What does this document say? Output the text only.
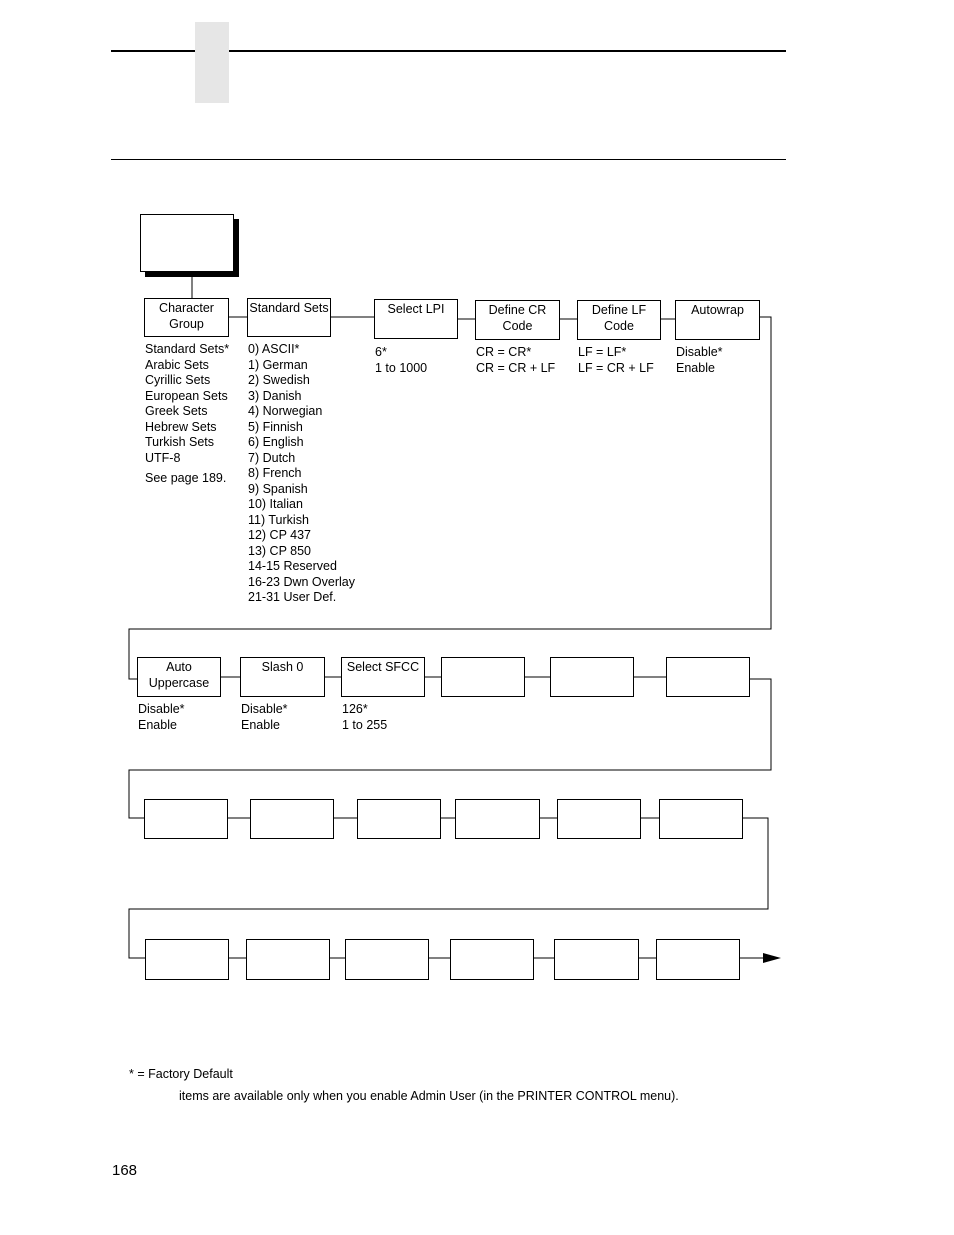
Character Group
Standard Sets	Select LPI	Define CR Code
Define LF Code
Autowrap
Standard Sets*
Arabic Sets
Cyrillic Sets
European Sets
Greek Sets
Hebrew Sets
Turkish Sets
UTF-8
See page 189.
0) ASCII*
1) German
2) Swedish
3) Danish
4) Norwegian
5) Finnish
6) English
7) Dutch
8) French
9) Spanish
10) Italian
11) Turkish
12) CP 437
13) CP 850
14-15 Reserved
16-23 Dwn Overlay
21-31 User Def.
6*
1 to 1000
CR = CR*
CR = CR + LF
LF = LF*
LF = CR + LF
Disable*
Enable
Auto Uppercase
Slash 0	Select SFCC
Disable*
Enable
Disable*
Enable
126*
1 to 255
* = Factory Default
items are available only when you enable Admin User (in the PRINTER CONTROL menu).
168
